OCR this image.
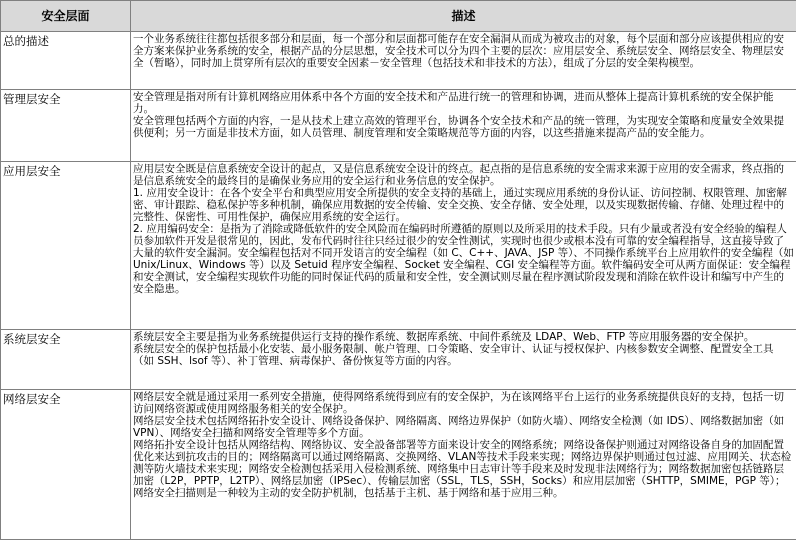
安全层面	描述
总的描述	一个业务系统往往都包括很多部分和层面，每一个部分和层面都可能存在安全漏洞从而成为被攻击的对象，每个层面和部分应该提供相应的安全方案来保护业务系统的安全，根据产品的分层思想，安全技术可以分为四个主要的层次：应用层安全、系统层安全、网络层安全、物理层安全（暂略），同时加上贯穿所有层次的重要安全因素－安全管理（包括技术和非技术的方法），组成了分层的安全架构模型。

管理层安全	安全管理是指对所有计算机网络应用体系中各个方面的安全技术和产品进行统一的管理和协调，进而从整体上提高计算机系统的安全保护能力。

安全管理包括两个方面的内容，一是从技术上建立高效的管理平台，协调各个安全技术和产品的统一管理，为实现安全策略和度量安全效果提供便利；另一方面是非技术方面，如人员管理、制度管理和安全策略规范等方面的内容，以这些措施来提高产品的安全能力。

应用层安全	应用层安全既是信息系统安全设计的起点，又是信息系统安全设计的终点。起点指的是信息系统的安全需求来源于应用的安全需求，终点指的是信息系统安全的最终目的是确保业务应用的安全运行和业务信息的安全保护。

1. 应用安全设计：在各个安全平台和典型应用安全所提供的安全支持的基础上，通过实现应用系统的身份认证、访问控制、权限管理、加密解密、审计跟踪、稳私保护等多种机制，确保应用数据的安全传输、安全交换、安全存储、安全处理，以及实现数据传输、存储、处理过程中的完整性、保密性、可用性保护，确保应用系统的安全运行。

2. 应用编码安全：是指为了消除或降低软件的安全风险而在编码时所遵循的原则以及所采用的技术手段。只有少量或者没有安全经验的编程人员参加软件开发是很常见的，因此，发布代码时往往只经过很少的安全性测试，实现时也很少或根本没有可靠的安全编程指导，这直接导致了大量的软件安全漏洞。安全编程包括对不同开发语言的安全编程（如 C、C++、JAVA、JSP 等）、不同操作系统平台上应用软件的安全编程（如 Unix/Linux、Windows 等）以及 Setuid 程序安全编程、Socket 安全编程、CGI 安全编程等方面。软件编码安全可从两方面保证：安全编程和安全测试，安全编程实现软件功能的同时保证代码的质量和安全性，安全测试则尽量在程序测试阶段发现和消除在软件设计和编写中产生的安全隐患。

系统层安全	系统层安全主要是指为业务系统提供运行支持的操作系统、数据库系统、中间件系统及 LDAP、Web、FTP 等应用服务器的安全保护。

系统层安全的保护包括最小化安装、最小服务限制、帐户管理、口令策略、安全审计、认证与授权保护、内核参数安全调整、配置安全工具（如 SSH、lsof 等）、补丁管理、病毒保护、备份恢复等方面的内容。

网络层安全	网络层安全就是通过采用一系列安全措施，使得网络系统得到应有的安全保护，为在该网络平台上运行的业务系统提供良好的支持，包括一切访问网络资源或使用网络服务相关的安全保护。

网络层安全技术包括网络拓扑安全设计、网络设备保护、网络隔离、网络边界保护（如防火墙）、网络安全检测（如 IDS）、网络数据加密（如 VPN）、网络安全扫描和网络安全管理等多个方面。

网络拓扑安全设计包括从网络结构、网络协议、安全設备部署等方面来设计安全的网络系统；网络设备保护则通过对网络设备自身的加固配置优化来达到抗攻击的目的；网络隔离可以通过网络隔离、交换网络、VLAN等技术手段来实现；网络边界保护则通过包过滤、应用网关、状态检测等防火墙技术来实现；网络安全检测包括采用入侵检测系统、网络集中日志审计等手段来及时发现非法网络行为；网络数据加密包括链路层加密（L2P，PPTP，L2TP）、网络层加密（IPSec）、传输层加密（SSL，TLS，SSH，Socks）和应用层加密（SHTTP，SMIME，PGP 等）；网络安全扫描则是一种较为主动的安全防护机制，包括基于主机、基于网络和基于应用三种。
